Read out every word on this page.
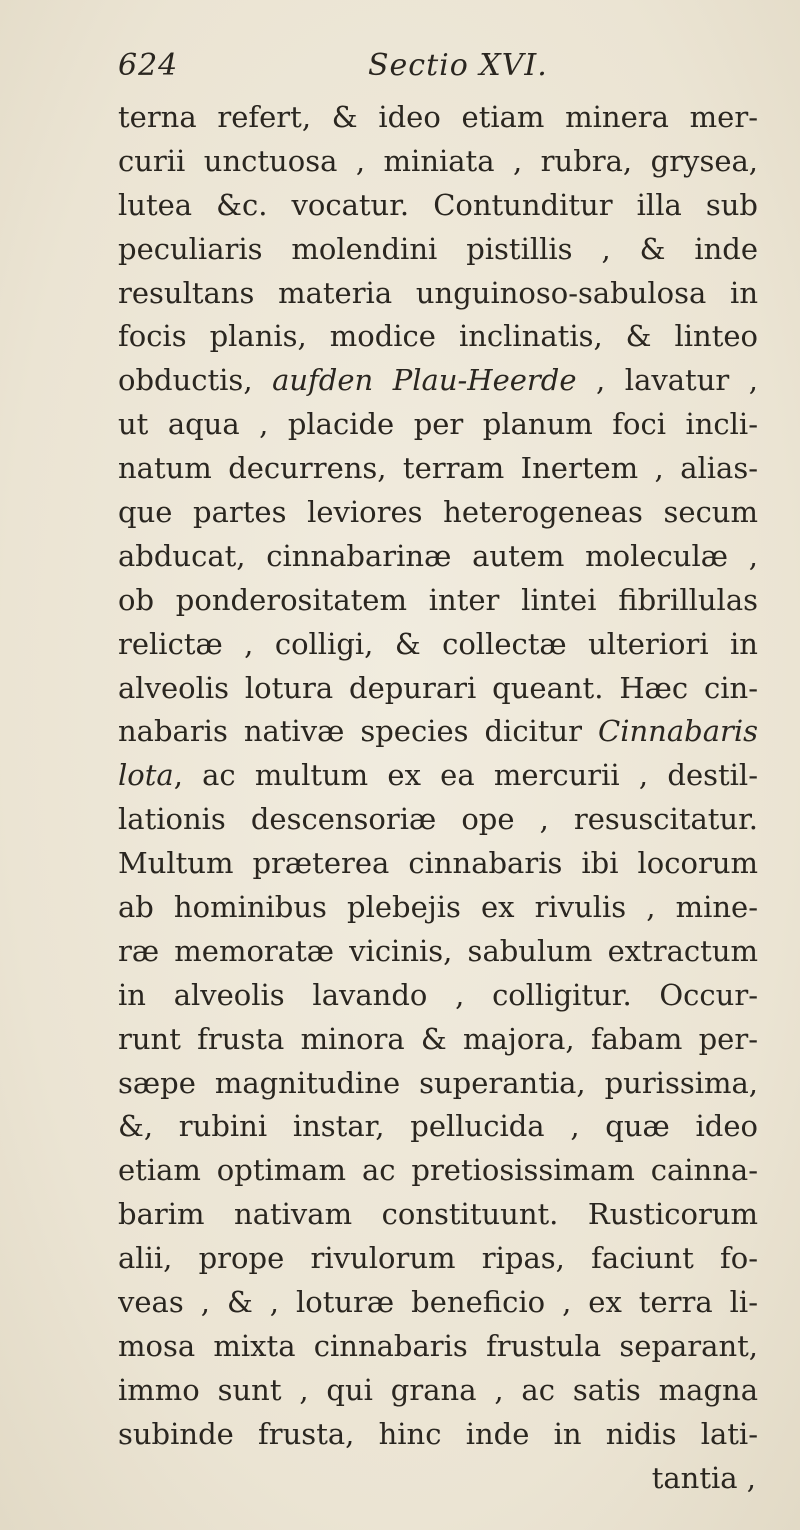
624	Sectio XVI.
terna refert, & ideo etiam minera mer-
curii unctuosa , miniata , rubra, grysea,
lutea &c. vocatur. Contunditur illa sub
peculiaris molendini pistillis , & inde
resultans materia unguinoso-sabulosa in
focis planis, modice inclinatis, & linteo
obductis, aufden Plau-Heerde , lavatur ,
ut aqua , placide per planum foci incli-
natum decurrens, terram Inertem , alias-
que partes leviores heterogeneas secum
abducat, cinnabarinæ autem moleculæ ,
ob ponderositatem inter lintei fibrillulas
relictæ , colligi, & collectæ ulteriori in
alveolis lotura depurari queant. Hæc cin-
nabaris nativæ species dicitur Cinnabaris
lota, ac multum ex ea mercurii , destil-
lationis descensoriæ ope , resuscitatur.
Multum præterea cinnabaris ibi locorum
ab hominibus plebejis ex rivulis , mine-
ræ memoratæ vicinis, sabulum extractum
in alveolis lavando , colligitur. Occur-
runt frusta minora & majora, fabam per-
sæpe magnitudine superantia, purissima,
&, rubini instar, pellucida , quæ ideo
etiam optimam ac pretiosissimam cainna-
barim nativam constituunt. Rusticorum
alii, prope rivulorum ripas, faciunt fo-
veas , & , loturæ beneficio , ex terra li-
mosa mixta cinnabaris frustula separant,
immo sunt , qui grana , ac satis magna
subinde frusta, hinc inde in nidis lati-
tantia ,
